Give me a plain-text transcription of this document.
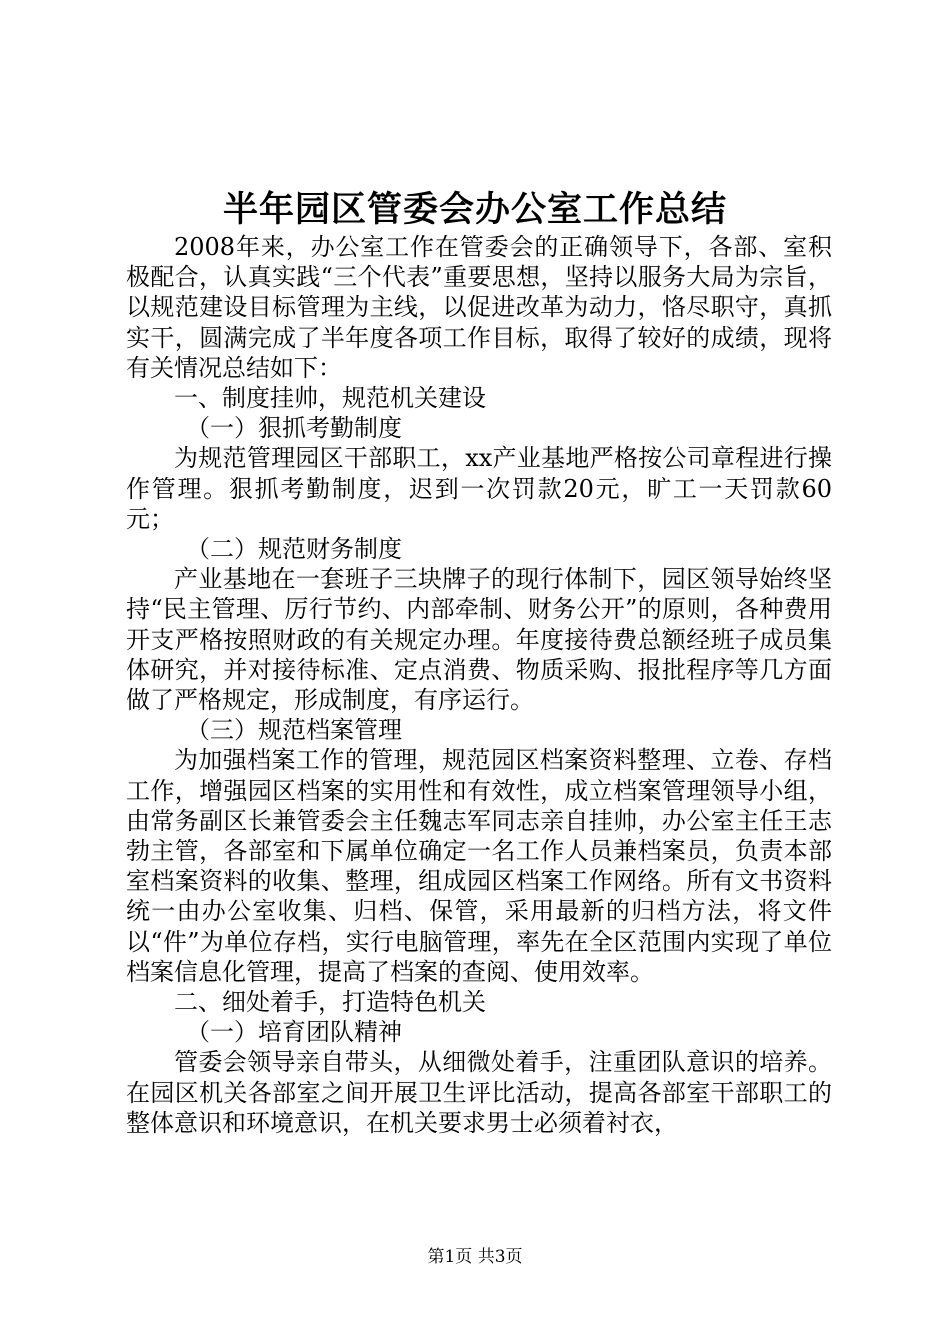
半年园区管委会办公室工作总结

2008年来，办公室工作在管委会的正确领导下，各部、室积极配合，认真实践“三个代表”重要思想，坚持以服务大局为宗旨，以规范建设目标管理为主线，以促进改革为动力，恪尽职守，真抓实干，圆满完成了半年度各项工作目标，取得了较好的成绩，现将有关情况总结如下：

一、制度挂帅，规范机关建设

（一）狠抓考勤制度

为规范管理园区干部职工，xx产业基地严格按公司章程进行操作管理。狠抓考勤制度，迟到一次罚款20元，旷工一天罚款60元；

（二）规范财务制度

产业基地在一套班子三块牌子的现行体制下，园区领导始终坚持“民主管理、厉行节约、内部牵制、财务公开”的原则，各种费用开支严格按照财政的有关规定办理。年度接待费总额经班子成员集体研究，并对接待标准、定点消费、物质采购、报批程序等几方面做了严格规定，形成制度，有序运行。

（三）规范档案管理

为加强档案工作的管理，规范园区档案资料整理、立卷、存档工作，增强园区档案的实用性和有效性，成立档案管理领导小组，由常务副区长兼管委会主任魏志军同志亲自挂帅，办公室主任王志勃主管，各部室和下属单位确定一名工作人员兼档案员，负责本部室档案资料的收集、整理，组成园区档案工作网络。所有文书资料统一由办公室收集、归档、保管，采用最新的归档方法，将文件以“件”为单位存档，实行电脑管理，率先在全区范围内实现了单位档案信息化管理，提高了档案的查阅、使用效率。

二、细处着手，打造特色机关

（一）培育团队精神

管委会领导亲自带头，从细微处着手，注重团队意识的培养。在园区机关各部室之间开展卫生评比活动，提高各部室干部职工的整体意识和环境意识，在机关要求男士必须着衬衣，

第1页 共3页
